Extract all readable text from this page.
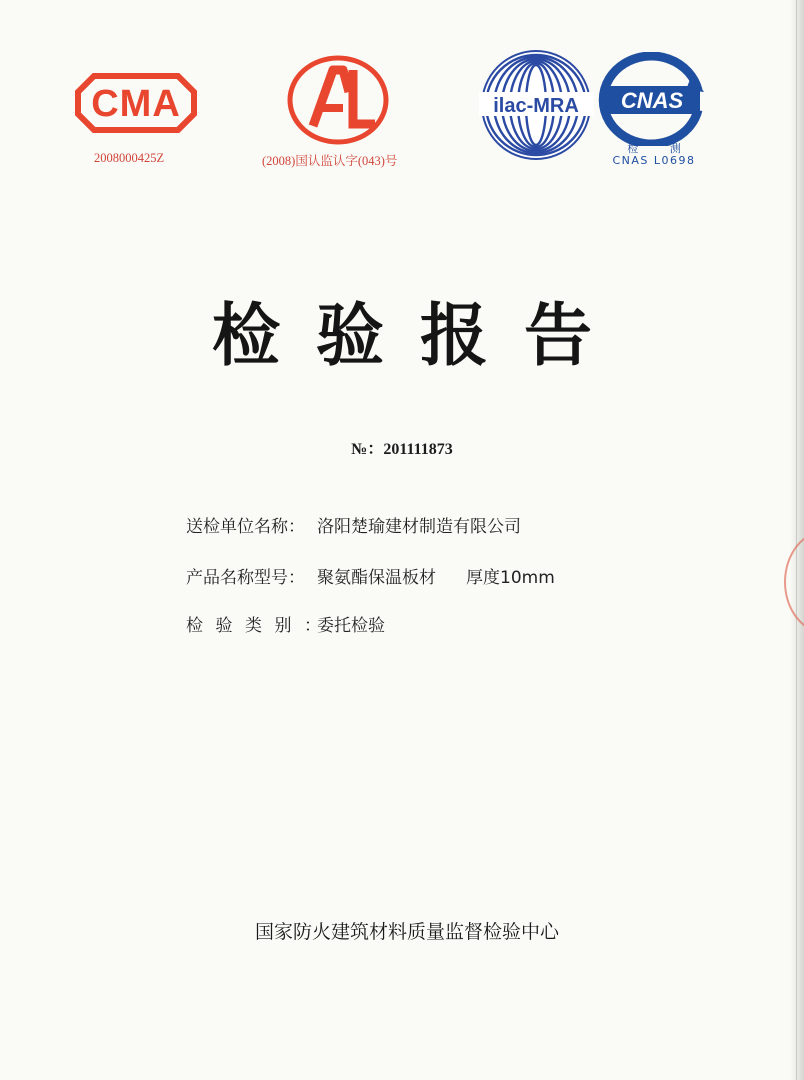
CMA
2008000425Z	(2008)国认监认字(043)号
ilac-MRA CNAS
检 测
CNAS L0698
检验报告
№：201111873
送检单位名称： 洛阳楚瑜建材制造有限公司
产品名称型号： 聚氨酯保温板材 厚度10mm
检验类别：委托检验
国家防火建筑材料质量监督检验中心
